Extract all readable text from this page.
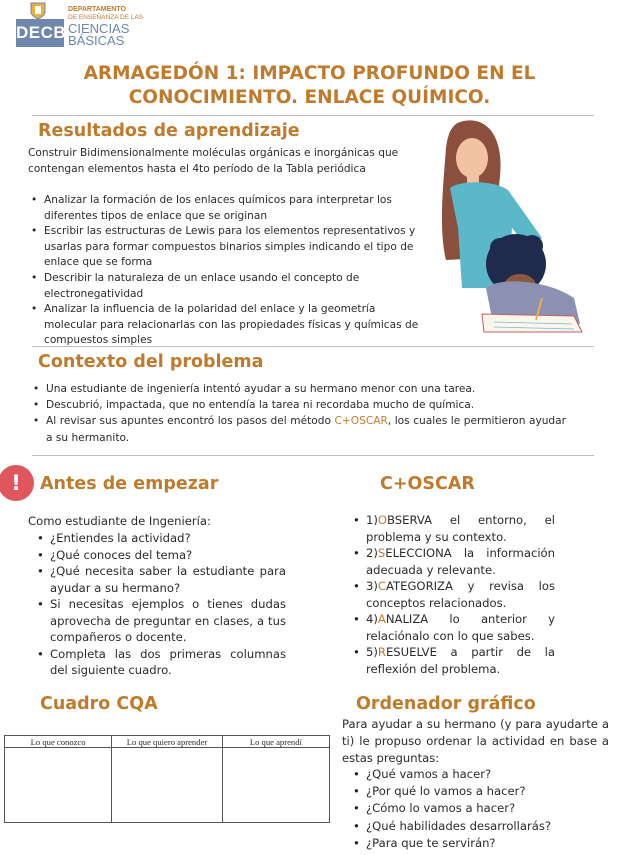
DECB
DEPARTAMENTO
DE ENSEÑANZA DE LAS
CIENCIAS
BÁSICAS
ARMAGEDÓN 1: IMPACTO PROFUNDO EN EL
CONOCIMIENTO. ENLACE QUÍMICO.
Resultados de aprendizaje
Construir Bidimensionalmente moléculas orgánicas e inorgánicas que contengan elementos hasta el 4to período de la Tabla periódica
• Analizar la formación de los enlaces químicos para interpretar los diferentes tipos de enlace que se originan
• Escribir las estructuras de Lewis para los elementos representativos y usarlas para formar compuestos binarios simples indicando el tipo de enlace que se forma
• Describir la naturaleza de un enlace usando el concepto de electronegatividad
• Analizar la influencia de la polaridad del enlace y la geometría molecular para relacionarlas con las propiedades físicas y químicas de compuestos simples
Contexto del problema
• Una estudiante de ingeniería intentó ayudar a su hermano menor con una tarea.
• Descubrió, impactada, que no entendía la tarea ni recordaba mucho de química.
• Al revisar sus apuntes encontró los pasos del método C+OSCAR, los cuales le permitieron ayudar a su hermanito.
!	Antes de empezar
Como estudiante de Ingeniería:
• ¿Entiendes la actividad?
• ¿Qué conoces del tema?
• ¿Qué necesita saber la estudiante para ayudar a su hermano?
• Si necesitas ejemplos o tienes dudas aprovecha de preguntar en clases, a tus compañeros o docente.
• Completa las dos primeras columnas del siguiente cuadro.
C+OSCAR
• 1)OBSERVA el entorno, el problema y su contexto.
• 2)SELECCIONA la información adecuada y relevante.
• 3)CATEGORIZA y revisa los conceptos relacionados.
• 4)ANALIZA lo anterior y relaciónalo con lo que sabes.
• 5)RESUELVE a partir de la reflexión del problema.
Cuadro CQA
Lo que conozco	Lo que quiero aprender	Lo que aprendí

Ordenador gráfico
Para ayudar a su hermano (y para ayudarte a ti) le propuso ordenar la actividad en base a estas preguntas:
• ¿Qué vamos a hacer?
• ¿Por qué lo vamos a hacer?
• ¿Cómo lo vamos a hacer?
• ¿Qué habilidades desarrollarás?
• ¿Para que te servirán?
